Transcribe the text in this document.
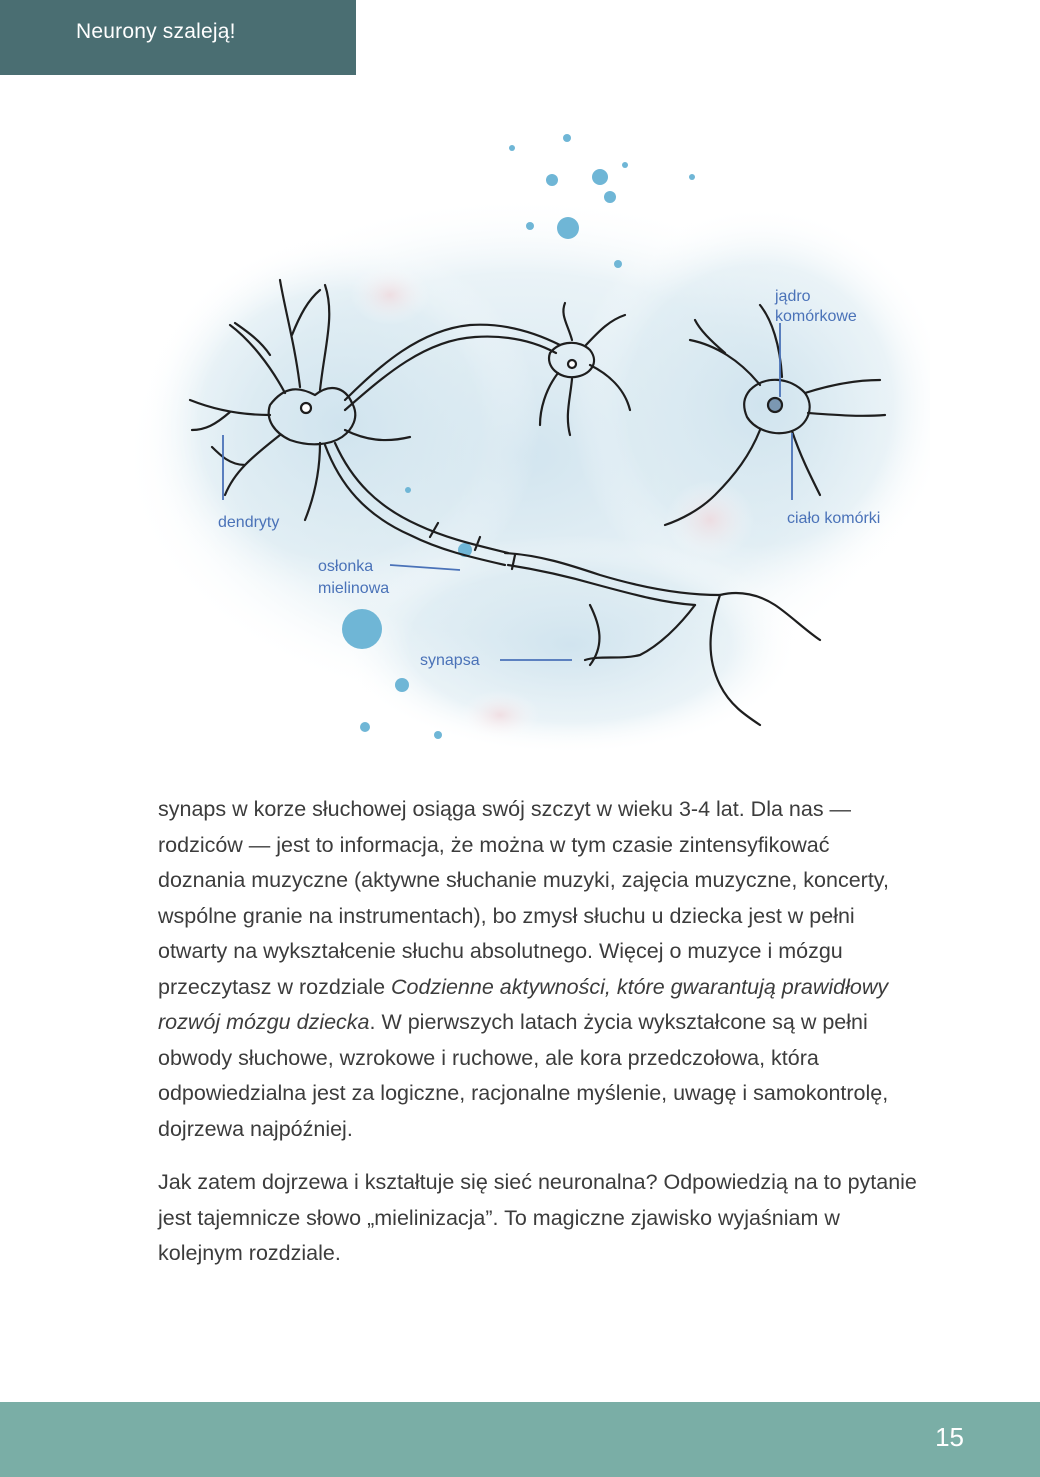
Neurony szaleją!
dendryty
jądro
komórkowe
ciało komórki
osłonka
mielinowa
synapsa

synaps w korze słuchowej osiąga swój szczyt w wieku 3-4 lat. Dla nas — rodziców — jest to informacja, że można w tym czasie zintensyfikować doznania muzyczne (aktywne słuchanie muzyki, zajęcia muzyczne, koncerty, wspólne granie na instrumentach), bo zmysł słuchu u dziecka jest w pełni otwarty na wykształcenie słuchu absolutnego. Więcej o muzyce i mózgu przeczytasz w rozdziale Codzienne aktywności, które gwarantują prawidłowy rozwój mózgu dziecka. W pierwszych latach życia wykształcone są w pełni obwody słuchowe, wzrokowe i ruchowe, ale kora przedczołowa, która odpowiedzialna jest za logiczne, racjonalne myślenie, uwagę i samokontrolę, dojrzewa najpóźniej.

Jak zatem dojrzewa i kształtuje się sieć neuronalna? Odpowiedzią na to pytanie jest tajemnicze słowo „mielinizacja”. To magiczne zjawisko wyjaśniam w kolejnym rozdziale.

15
